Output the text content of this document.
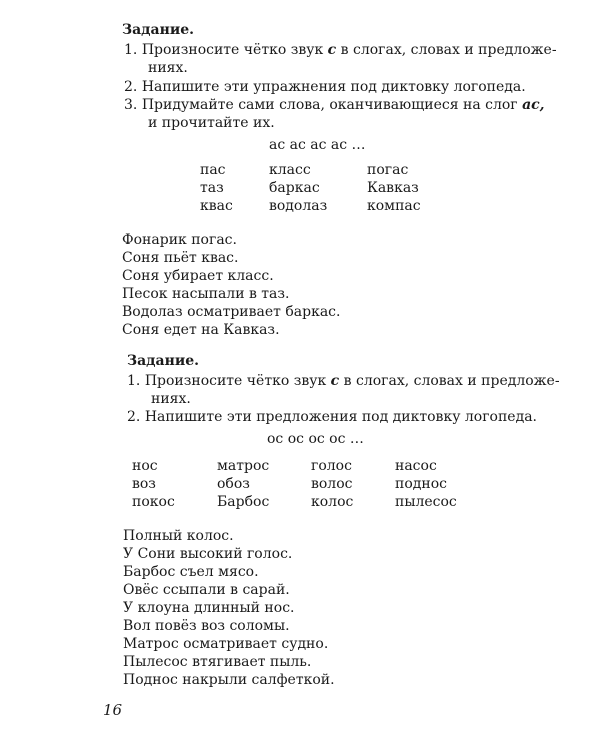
Задание.
1. Произносите чётко звук с в слогах, словах и предложе-
ниях.
2. Напишите эти упражнения под диктовку логопеда.
3. Придумайте сами слова, оканчивающиеся на слог ас,
и прочитайте их.
ас ас ас ас …
пас	класс	погас
таз	баркас	Кавказ
квас	водолаз	компас
Фонарик погас.
Соня пьёт квас.
Соня убирает класс.
Песок насыпали в таз.
Водолаз осматривает баркас.
Соня едет на Кавказ.
Задание.
1. Произносите чётко звук с в слогах, словах и предложе-
ниях.
2. Напишите эти предложения под диктовку логопеда.
ос ос ос ос …
нос	матрос	голос	насос
воз	обоз	волос	поднос
покос	Барбос	колос	пылесос
Полный колос.
У Сони высокий голос.
Барбос съел мясо.
Овёс ссыпали в сарай.
У клоуна длинный нос.
Вол повёз воз соломы.
Матрос осматривает судно.
Пылесос втягивает пыль.
Поднос накрыли салфеткой.
16
